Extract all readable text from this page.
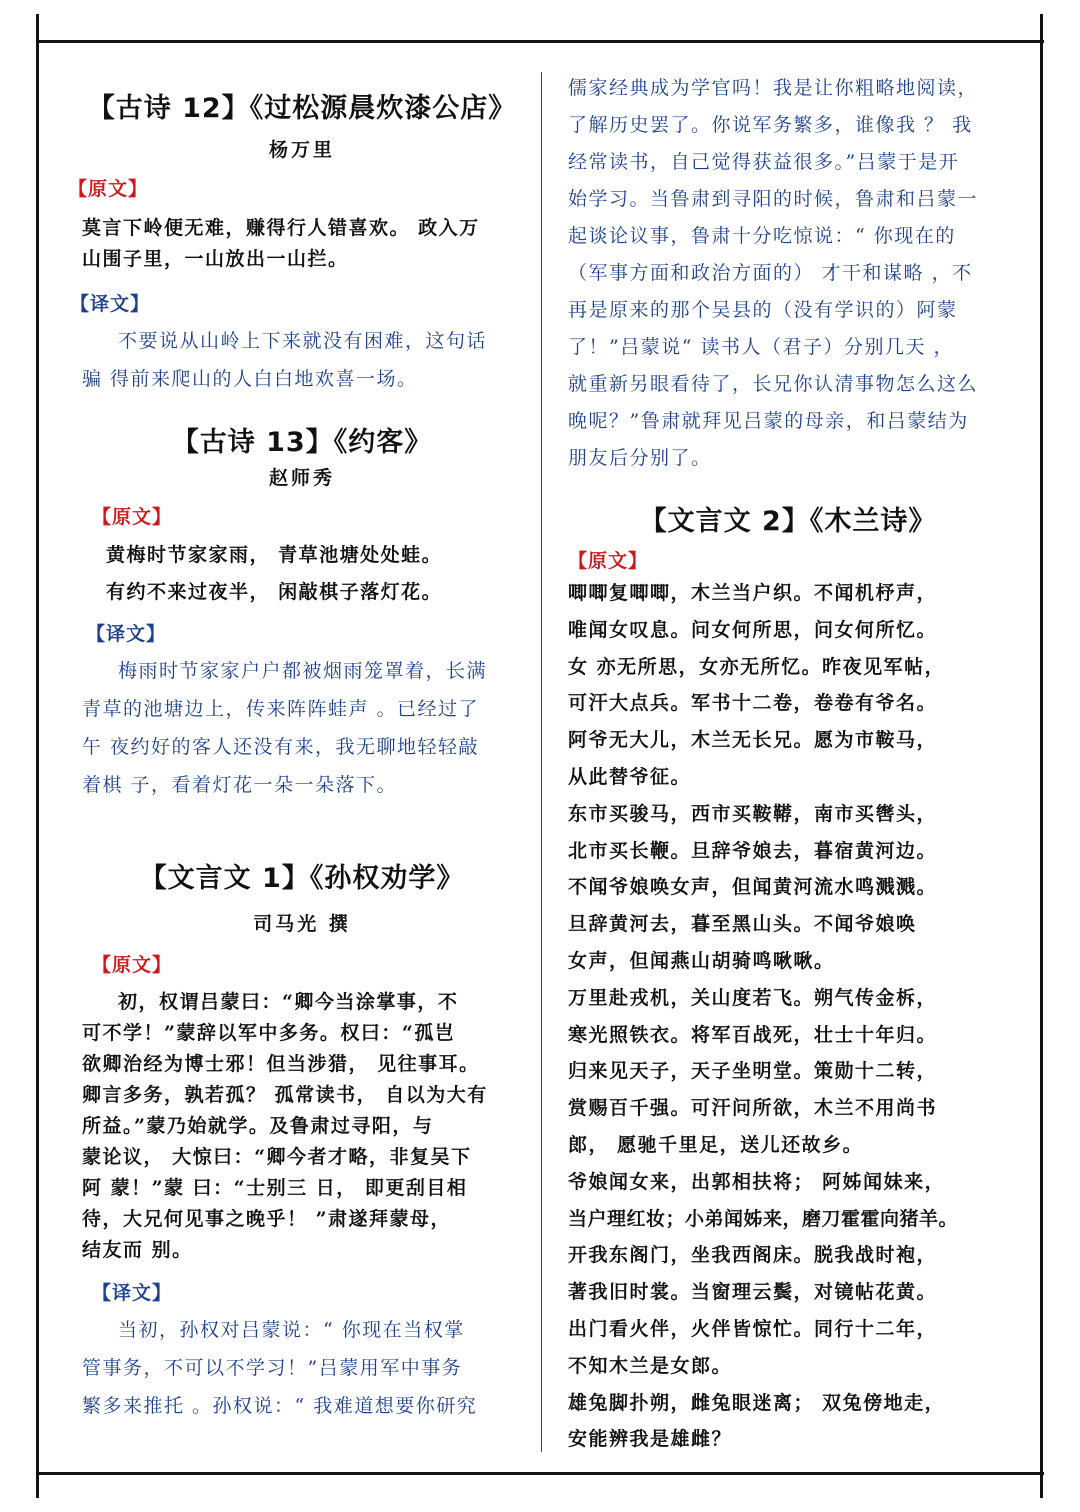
【古诗 12】《过松源晨炊漆公店》
杨万里
【原文】
莫言下岭便无难，赚得行人错喜欢。 政入万
山围子里，一山放出一山拦。
【译文】
不要说从山岭上下来就没有困难，这句话
骗 得前来爬山的人白白地欢喜一场。
【古诗 13】《约客》
赵师秀
【原文】
黄梅时节家家雨， 青草池塘处处蛙。
有约不来过夜半， 闲敲棋子落灯花。
【译文】
梅雨时节家家户户都被烟雨笼罩着，长满
青草的池塘边上，传来阵阵蛙声 。已经过了
午 夜约好的客人还没有来，我无聊地轻轻敲
着棋 子，看着灯花一朵一朵落下。
【文言文 1】《孙权劝学》
司马光 撰
【原文】
初，权谓吕蒙曰：“卿今当涂掌事，不
可不学！”蒙辞以军中多务。权曰：“孤岂
欲卿治经为博士邪！但当涉猎， 见往事耳。
卿言多务，孰若孤？ 孤常读书， 自以为大有
所益。”蒙乃始就学。及鲁肃过寻阳，与
蒙论议， 大惊曰：“卿今者才略，非复吴下
阿 蒙！”蒙 曰：“士别三 日， 即更刮目相
待，大兄何见事之晚乎！ ”肃遂拜蒙母，
结友而 别。
【译文】
当初，孙权对吕蒙说：“ 你现在当权掌
管事务，不可以不学习！”吕蒙用军中事务
繁多来推托 。孙权说：“ 我难道想要你研究
儒家经典成为学官吗！我是让你粗略地阅读，
了解历史罢了。你说军务繁多，谁像我 ？ 我
经常读书，自己觉得获益很多。”吕蒙于是开
始学习。当鲁肃到寻阳的时候，鲁肃和吕蒙一
起谈论议事，鲁肃十分吃惊说：“ 你现在的
（军事方面和政治方面的） 才干和谋略 ，不
再是原来的那个吴县的（没有学识的）阿蒙
了！”吕蒙说“ 读书人（君子）分别几天 ，
就重新另眼看待了，长兄你认清事物怎么这么
晚呢？”鲁肃就拜见吕蒙的母亲，和吕蒙结为
朋友后分别了。
【文言文 2】《木兰诗》
【原文】
唧唧复唧唧，木兰当户织。不闻机杼声，
唯闻女叹息。问女何所思，问女何所忆。
女 亦无所思，女亦无所忆。昨夜见军帖，
可汗大点兵。军书十二卷，卷卷有爷名。
阿爷无大儿，木兰无长兄。愿为市鞍马，
从此替爷征。
东市买骏马，西市买鞍鞯，南市买辔头，
北市买长鞭。旦辞爷娘去，暮宿黄河边。
不闻爷娘唤女声，但闻黄河流水鸣溅溅。
旦辞黄河去，暮至黑山头。不闻爷娘唤
女声，但闻燕山胡骑鸣啾啾。
万里赴戎机，关山度若飞。朔气传金柝，
寒光照铁衣。将军百战死，壮士十年归。
归来见天子，天子坐明堂。策勋十二转，
赏赐百千强。可汗问所欲，木兰不用尚书
郎， 愿驰千里足，送儿还故乡。
爷娘闻女来，出郭相扶将； 阿姊闻妹来，
当户理红妆；小弟闻姊来，磨刀霍霍向猪羊。
开我东阁门，坐我西阁床。脱我战时袍，
著我旧时裳。当窗理云鬓，对镜帖花黄。
出门看火伴，火伴皆惊忙。同行十二年，
不知木兰是女郎。
雄兔脚扑朔，雌兔眼迷离； 双兔傍地走，
安能辨我是雄雌？
